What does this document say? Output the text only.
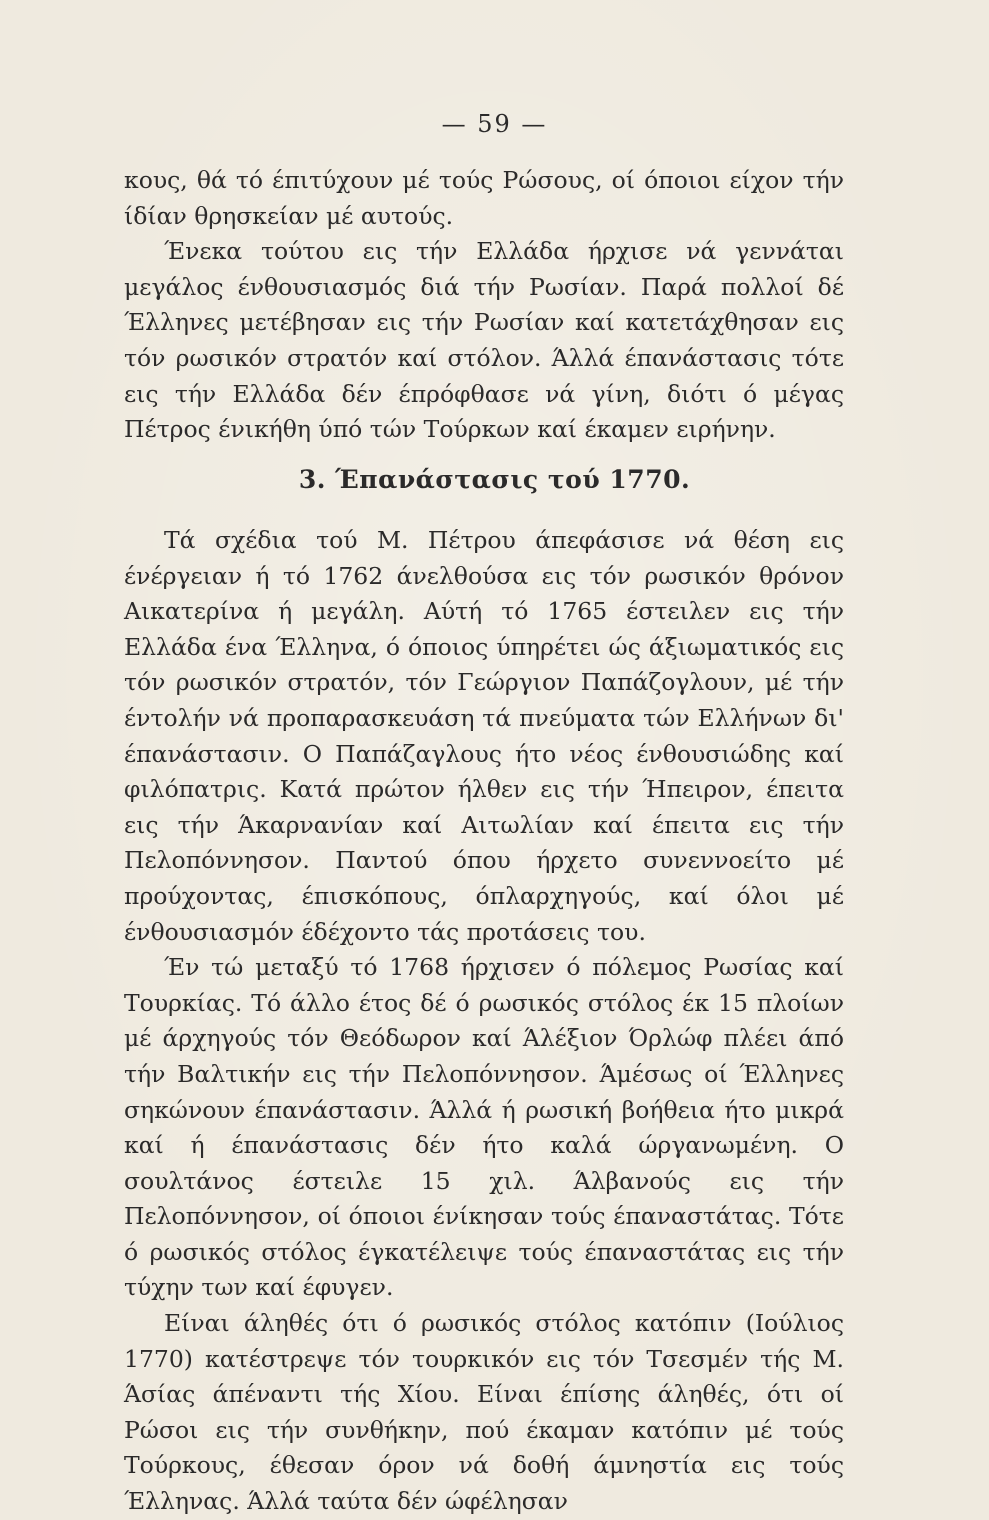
— 59 —

κους, θά τό έπιτύχουν μέ τούς Ρώσους, οί όποιοι είχον τήν ίδίαν θρησκείαν μέ αυτούς.

Ένεκα τούτου εις τήν Ελλάδα ήρχισε νά γεννάται μεγάλος ένθουσιασμός διά τήν Ρωσίαν. Παρά πολλοί δέ Έλληνες μετέβησαν εις τήν Ρωσίαν καί κατετάχθησαν εις τόν ρωσικόν στρατόν καί στόλον. Άλλά έπανάστασις τότε εις τήν Ελλάδα δέν έπρόφθασε νά γίνη, διότι ό μέγας Πέτρος ένικήθη ύπό τών Τούρκων καί έκαμεν ειρήνην.

3. Έπανάστασις τού 1770.

Τά σχέδια τού Μ. Πέτρου άπεφάσισε νά θέση εις ένέργειαν ή τό 1762 άνελθούσα εις τόν ρωσικόν θρόνον Αικατερίνα ή μεγάλη. Αύτή τό 1765 έστειλεν εις τήν Ελλάδα ένα Έλληνα, ό όποιος ύπηρέτει ώς άξιωματικός εις τόν ρωσικόν στρατόν, τόν Γεώργιον Παπάζογλουν, μέ τήν έντολήν νά προπαρασκευάση τά πνεύματα τών Ελλήνων δι' έπανάστασιν. Ο Παπάζαγλους ήτο νέος ένθουσιώδης καί φιλόπατρις. Κατά πρώτον ήλθεν εις τήν Ήπειρον, έπειτα εις τήν Άκαρνανίαν καί Αιτωλίαν καί έπειτα εις τήν Πελοπόννησον. Παντού όπου ήρχετο συνεννοείτο μέ προύχοντας, έπισκόπους, όπλαρχηγούς, καί όλοι μέ ένθουσιασμόν έδέχοντο τάς προτάσεις του.

Έν τώ μεταξύ τό 1768 ήρχισεν ό πόλεμος Ρωσίας καί Τουρκίας. Τό άλλο έτος δέ ό ρωσικός στόλος έκ 15 πλοίων μέ άρχηγούς τόν Θεόδωρον καί Άλέξιον Όρλώφ πλέει άπό τήν Βαλτικήν εις τήν Πελοπόννησον. Άμέσως οί Έλληνες σηκώνουν έπανάστασιν. Άλλά ή ρωσική βοήθεια ήτο μικρά καί ή έπανάστασις δέν ήτο καλά ώργανωμένη. Ο σουλτάνος έστειλε 15 χιλ. Άλβανούς εις τήν Πελοπόννησον, οί όποιοι ένίκησαν τούς έπαναστάτας. Τότε ό ρωσικός στόλος έγκατέλειψε τούς έπαναστάτας εις τήν τύχην των καί έφυγεν.

Είναι άληθές ότι ό ρωσικός στόλος κατόπιν (Ιούλιος 1770) κατέστρεψε τόν τουρκικόν εις τόν Τσεσμέν τής Μ. Άσίας άπέναντι τής Χίου. Είναι έπίσης άληθές, ότι οί Ρώσοι εις τήν συνθήκην, πού έκαμαν κατόπιν μέ τούς Τούρκους, έθεσαν όρον νά δοθή άμνηστία εις τούς Έλληνας. Άλλά ταύτα δέν ώφέλησαν
